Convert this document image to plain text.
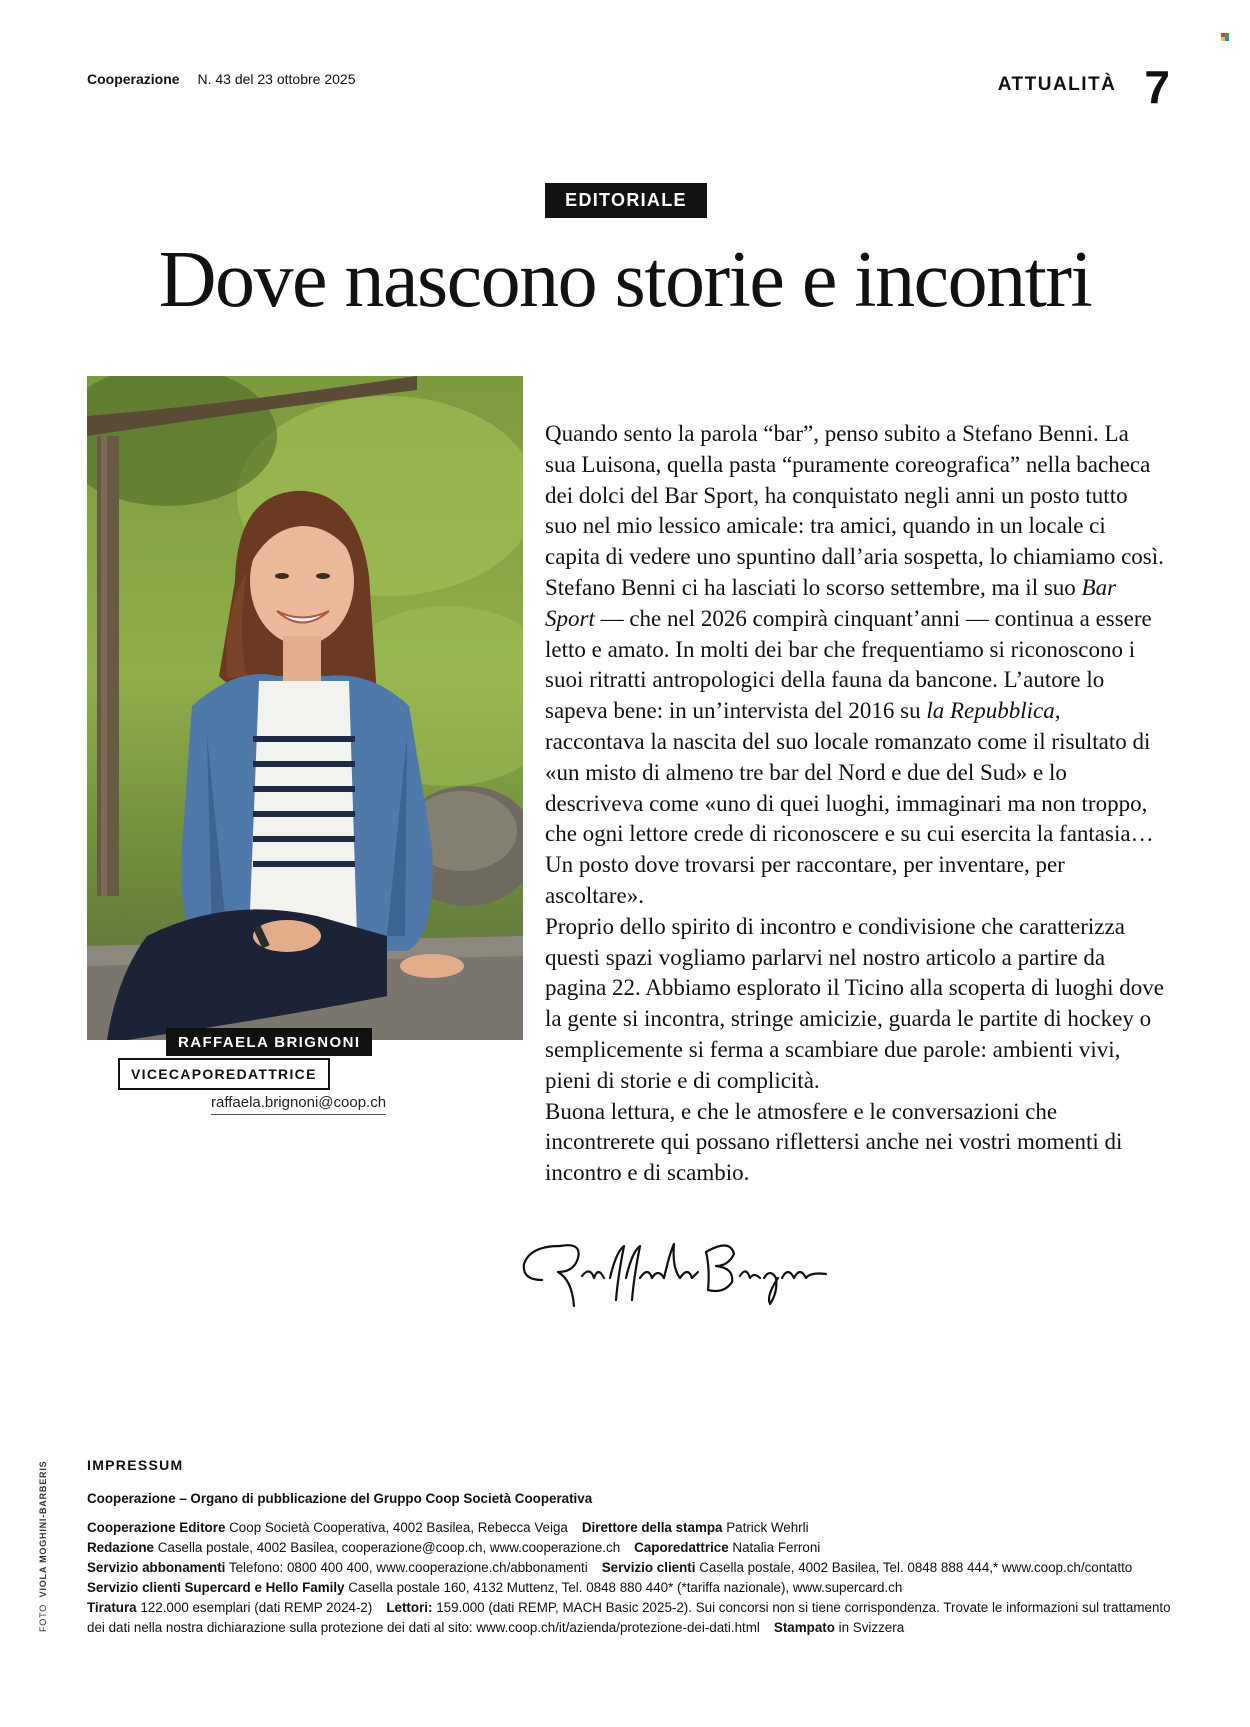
Cooperazione N. 43 del 23 ottobre 2025	ATTUALITÀ 7
EDITORIALE
Dove nascono storie e incontri
RAFFAELA BRIGNONI
VICECAPOREDATTRICE
raffaela.brignoni@coop.ch

Quando sento la parola “bar”, penso subito a Stefano Benni. La sua Luisona, quella pasta “puramente coreografica” nella bacheca dei dolci del Bar Sport, ha conquistato negli anni un posto tutto suo nel mio lessico amicale: tra amici, quando in un locale ci capita di vedere uno spuntino dall’aria sospetta, lo chiamiamo così.

Stefano Benni ci ha lasciati lo scorso settembre, ma il suo Bar Sport — che nel 2026 compirà cinquant’anni — continua a essere letto e amato. In molti dei bar che frequentiamo si riconoscono i suoi ritratti antropologici della fauna da bancone. L’autore lo sapeva bene: in un’intervista del 2016 su la Repubblica, raccontava la nascita del suo locale romanzato come il risultato di «un misto di almeno tre bar del Nord e due del Sud» e lo descriveva come «uno di quei luoghi, immaginari ma non troppo, che ogni lettore crede di riconoscere e su cui esercita la fantasia… Un posto dove trovarsi per raccontare, per inventare, per ascoltare».

Proprio dello spirito di incontro e condivisione che caratterizza questi spazi vogliamo parlarvi nel nostro articolo a partire da pagina 22. Abbiamo esplorato il Ticino alla scoperta di luoghi dove la gente si incontra, stringe amicizie, guarda le partite di hockey o semplicemente si ferma a scambiare due parole: ambienti vivi, pieni di storie e di complicità.

Buona lettura, e che le atmosfere e le conversazioni che incontrerete qui possano riflettersi anche nei vostri momenti di incontro e di scambio.

IMPRESSUM
Cooperazione – Organo di pubblicazione del Gruppo Coop Società Cooperativa
Cooperazione Editore Coop Società Cooperativa, 4002 Basilea, Rebecca Veiga Direttore della stampa Patrick Wehrli
Redazione Casella postale, 4002 Basilea, cooperazione@coop.ch, www.cooperazione.ch Caporedattrice Natalia Ferroni
Servizio abbonamenti Telefono: 0800 400 400, www.cooperazione.ch/abbonamenti Servizio clienti Casella postale, 4002 Basilea, Tel. 0848 888 444,* www.coop.ch/contatto
Servizio clienti Supercard e Hello Family Casella postale 160, 4132 Muttenz, Tel. 0848 880 440* (*tariffa nazionale), www.supercard.ch
Tiratura 122.000 esemplari (dati REMP 2024-2) Lettori: 159.000 (dati REMP, MACH Basic 2025-2). Sui concorsi non si tiene corrispondenza. Trovate le informazioni sul trattamento
dei dati nella nostra dichiarazione sulla protezione dei dati al sito: www.coop.ch/it/azienda/protezione-dei-dati.html Stampato in Svizzera
FOTO  VIOLA MOGHINI-BARBERIS
